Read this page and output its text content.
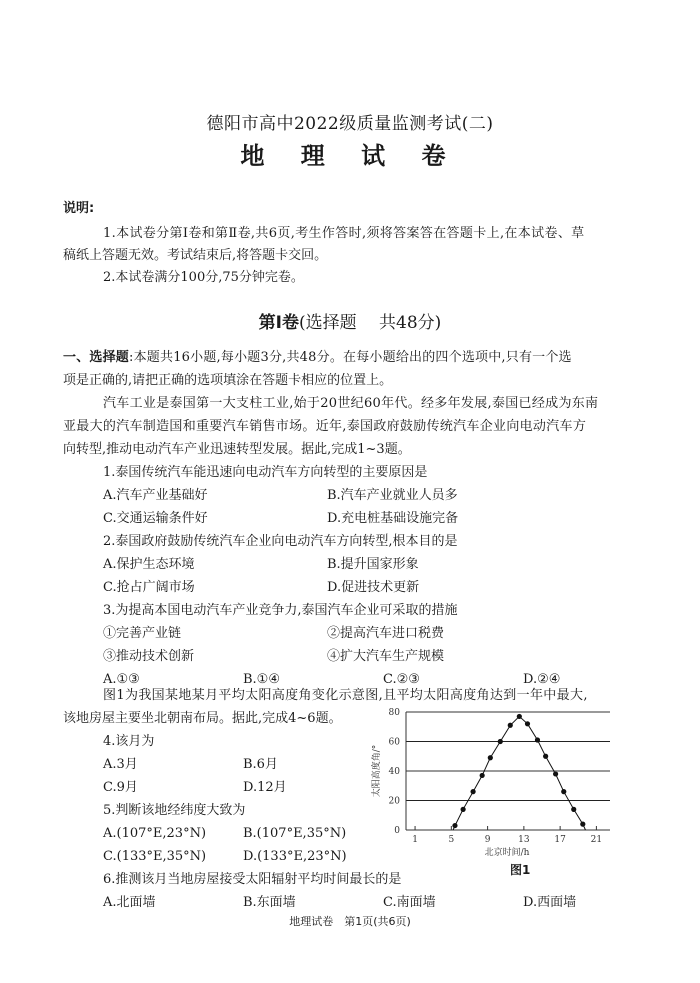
德阳市高中2022级质量监测考试(二)
地 理 试 卷
说明:
1.本试卷分第Ⅰ卷和第Ⅱ卷,共6页,考生作答时,须将答案答在答题卡上,在本试卷、草
稿纸上答题无效。考试结束后,将答题卡交回。
2.本试卷满分100分,75分钟完卷。
第Ⅰ卷(选择题　 共48分)
一、选择题:本题共16小题,每小题3分,共48分。在每小题给出的四个选项中,只有一个选
项是正确的,请把正确的选项填涂在答题卡相应的位置上。
汽车工业是泰国第一大支柱工业,始于20世纪60年代。经多年发展,泰国已经成为东南
亚最大的汽车制造国和重要汽车销售市场。近年,泰国政府鼓励传统汽车企业向电动汽车方
向转型,推动电动汽车产业迅速转型发展。据此,完成1~3题。
1.泰国传统汽车能迅速向电动汽车方向转型的主要原因是
A.汽车产业基础好	B.汽车产业就业人员多
C.交通运输条件好	D.充电桩基础设施完备
2.泰国政府鼓励传统汽车企业向电动汽车方向转型,根本目的是
A.保护生态环境	B.提升国家形象
C.抢占广阔市场	D.促进技术更新
3.为提高本国电动汽车产业竞争力,泰国汽车企业可采取的措施
①完善产业链	②提高汽车进口税费
③推动技术创新	④扩大汽车生产规模
A.①③	B.①④	C.②③	D.②④
图1为我国某地某月平均太阳高度角变化示意图,且平均太阳高度角达到一年中最大,
该地房屋主要坐北朝南布局。据此,完成4~6题。
4.该月为
A.3月	B.6月
C.9月	D.12月
5.判断该地经纬度大致为
A.(107°E,23°N)	B.(107°E,35°N)
C.(133°E,35°N)	D.(133°E,23°N)
6.推测该月当地房屋接受太阳辐射平均时间最长的是
A.北面墙	B.东面墙	C.南面墙	D.西面墙
0
20
40
60
80
1	5	9	13	17	21
太阳高度角/°
北京时间/h
图1
地理试卷　第1页(共6页)
